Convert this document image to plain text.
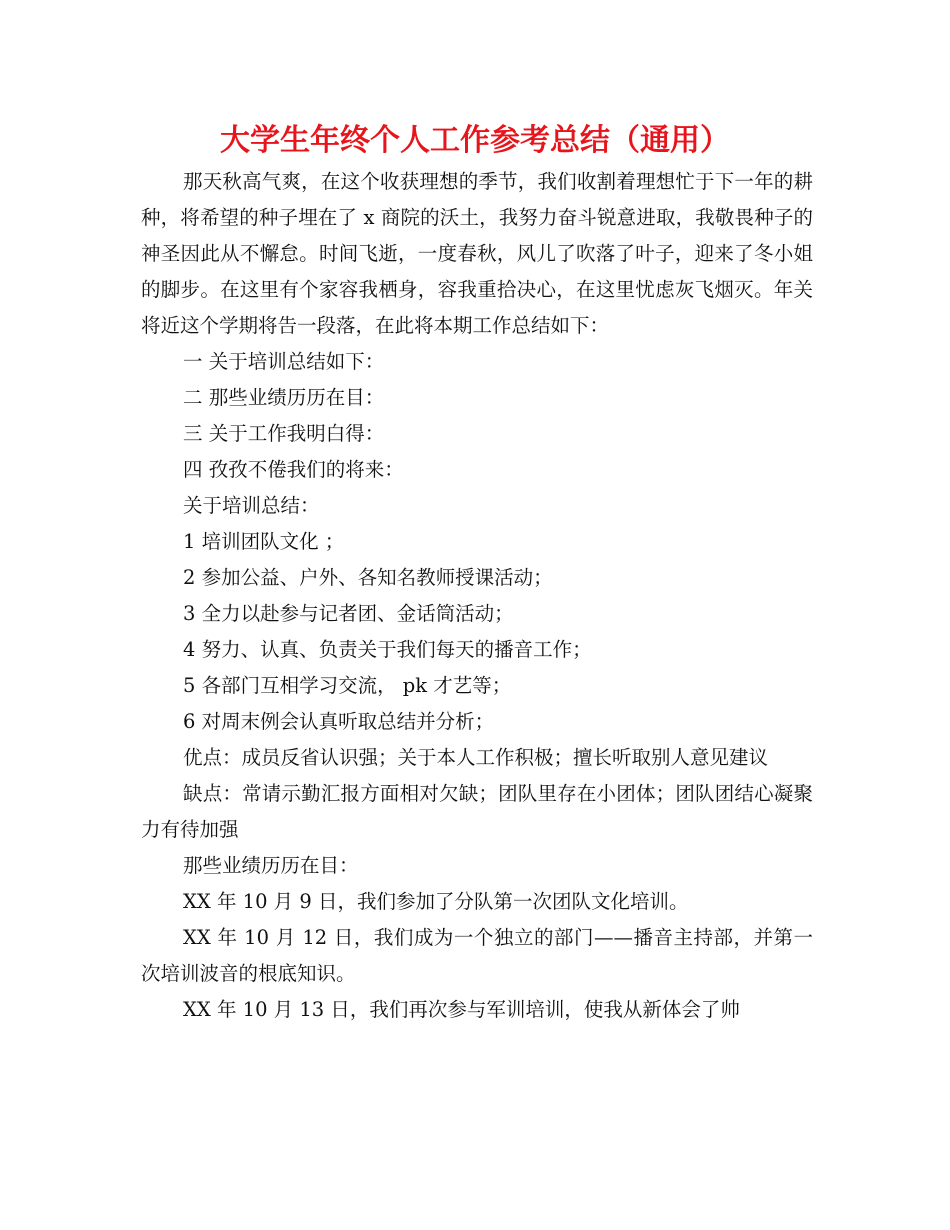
大学生年终个人工作参考总结（通用）

那天秋高气爽，在这个收获理想的季节，我们收割着理想忙于下一年的耕种，将希望的种子埋在了 x 商院的沃土，我努力奋斗锐意进取，我敬畏种子的神圣因此从不懈怠。时间飞逝，一度春秋，风儿了吹落了叶子，迎来了冬小姐的脚步。在这里有个家容我栖身，容我重拾决心，在这里忧虑灰飞烟灭。年关将近这个学期将告一段落，在此将本期工作总结如下：

一 关于培训总结如下：

二 那些业绩历历在目：

三 关于工作我明白得：

四 孜孜不倦我们的将来：

关于培训总结：

1 培训团队文化 ；

2 参加公益、户外、各知名教师授课活动；

3 全力以赴参与记者团、金话筒活动；

4 努力、认真、负责关于我们每天的播音工作；

5 各部门互相学习交流， pk 才艺等；

6 对周末例会认真听取总结并分析；

优点：成员反省认识强；关于本人工作积极；擅长听取别人意见建议

缺点：常请示勤汇报方面相对欠缺；团队里存在小团体；团队团结心凝聚力有待加强

那些业绩历历在目：

XX 年 10 月 9 日，我们参加了分队第一次团队文化培训。

XX 年 10 月 12 日，我们成为一个独立的部门——播音主持部，并第一次培训波音的根底知识。

XX 年 10 月 13 日，我们再次参与军训培训，使我从新体会了帅
